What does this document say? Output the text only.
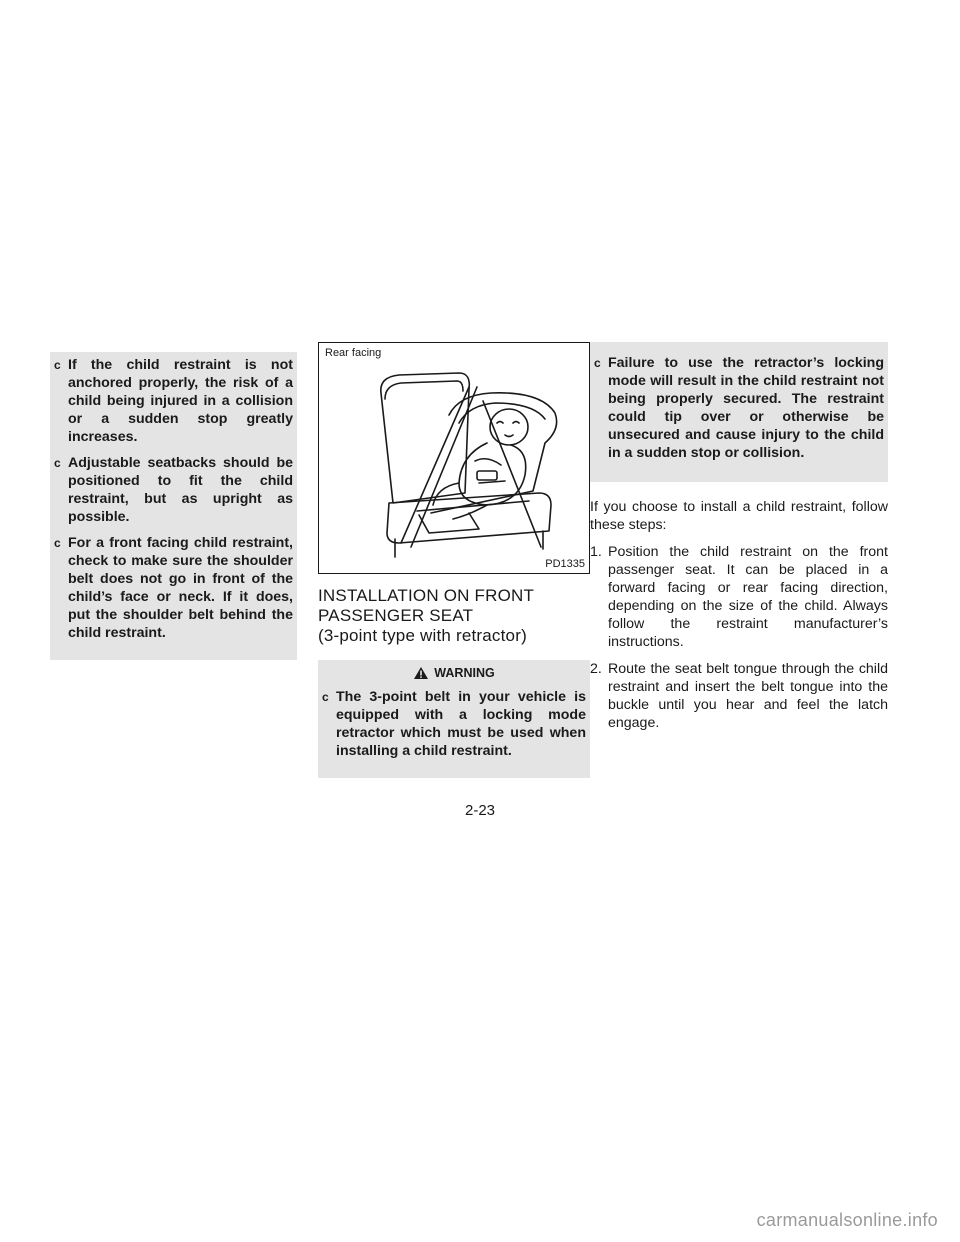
c If the child restraint is not anchored properly, the risk of a child being injured in a collision or a sudden stop greatly increases.
c Adjustable seatbacks should be positioned to fit the child restraint, but as upright as possible.
c For a front facing child restraint, check to make sure the shoulder belt does not go in front of the child’s face or neck. If it does, put the shoulder belt behind the child restraint.
Rear facing
PD1335
INSTALLATION ON FRONT
PASSENGER SEAT
(3-point type with retractor)
WARNING
c The 3-point belt in your vehicle is equipped with a locking mode retractor which must be used when installing a child restraint.
c Failure to use the retractor’s locking mode will result in the child restraint not being properly secured. The restraint could tip over or otherwise be unsecured and cause injury to the child in a sudden stop or collision.
If you choose to install a child restraint, follow these steps:
1. Position the child restraint on the front passenger seat. It can be placed in a forward facing or rear facing direction, depending on the size of the child. Always follow the restraint manufacturer’s instructions.
2. Route the seat belt tongue through the child restraint and insert the belt tongue into the buckle until you hear and feel the latch engage.
2-23
carmanualsonline.info
